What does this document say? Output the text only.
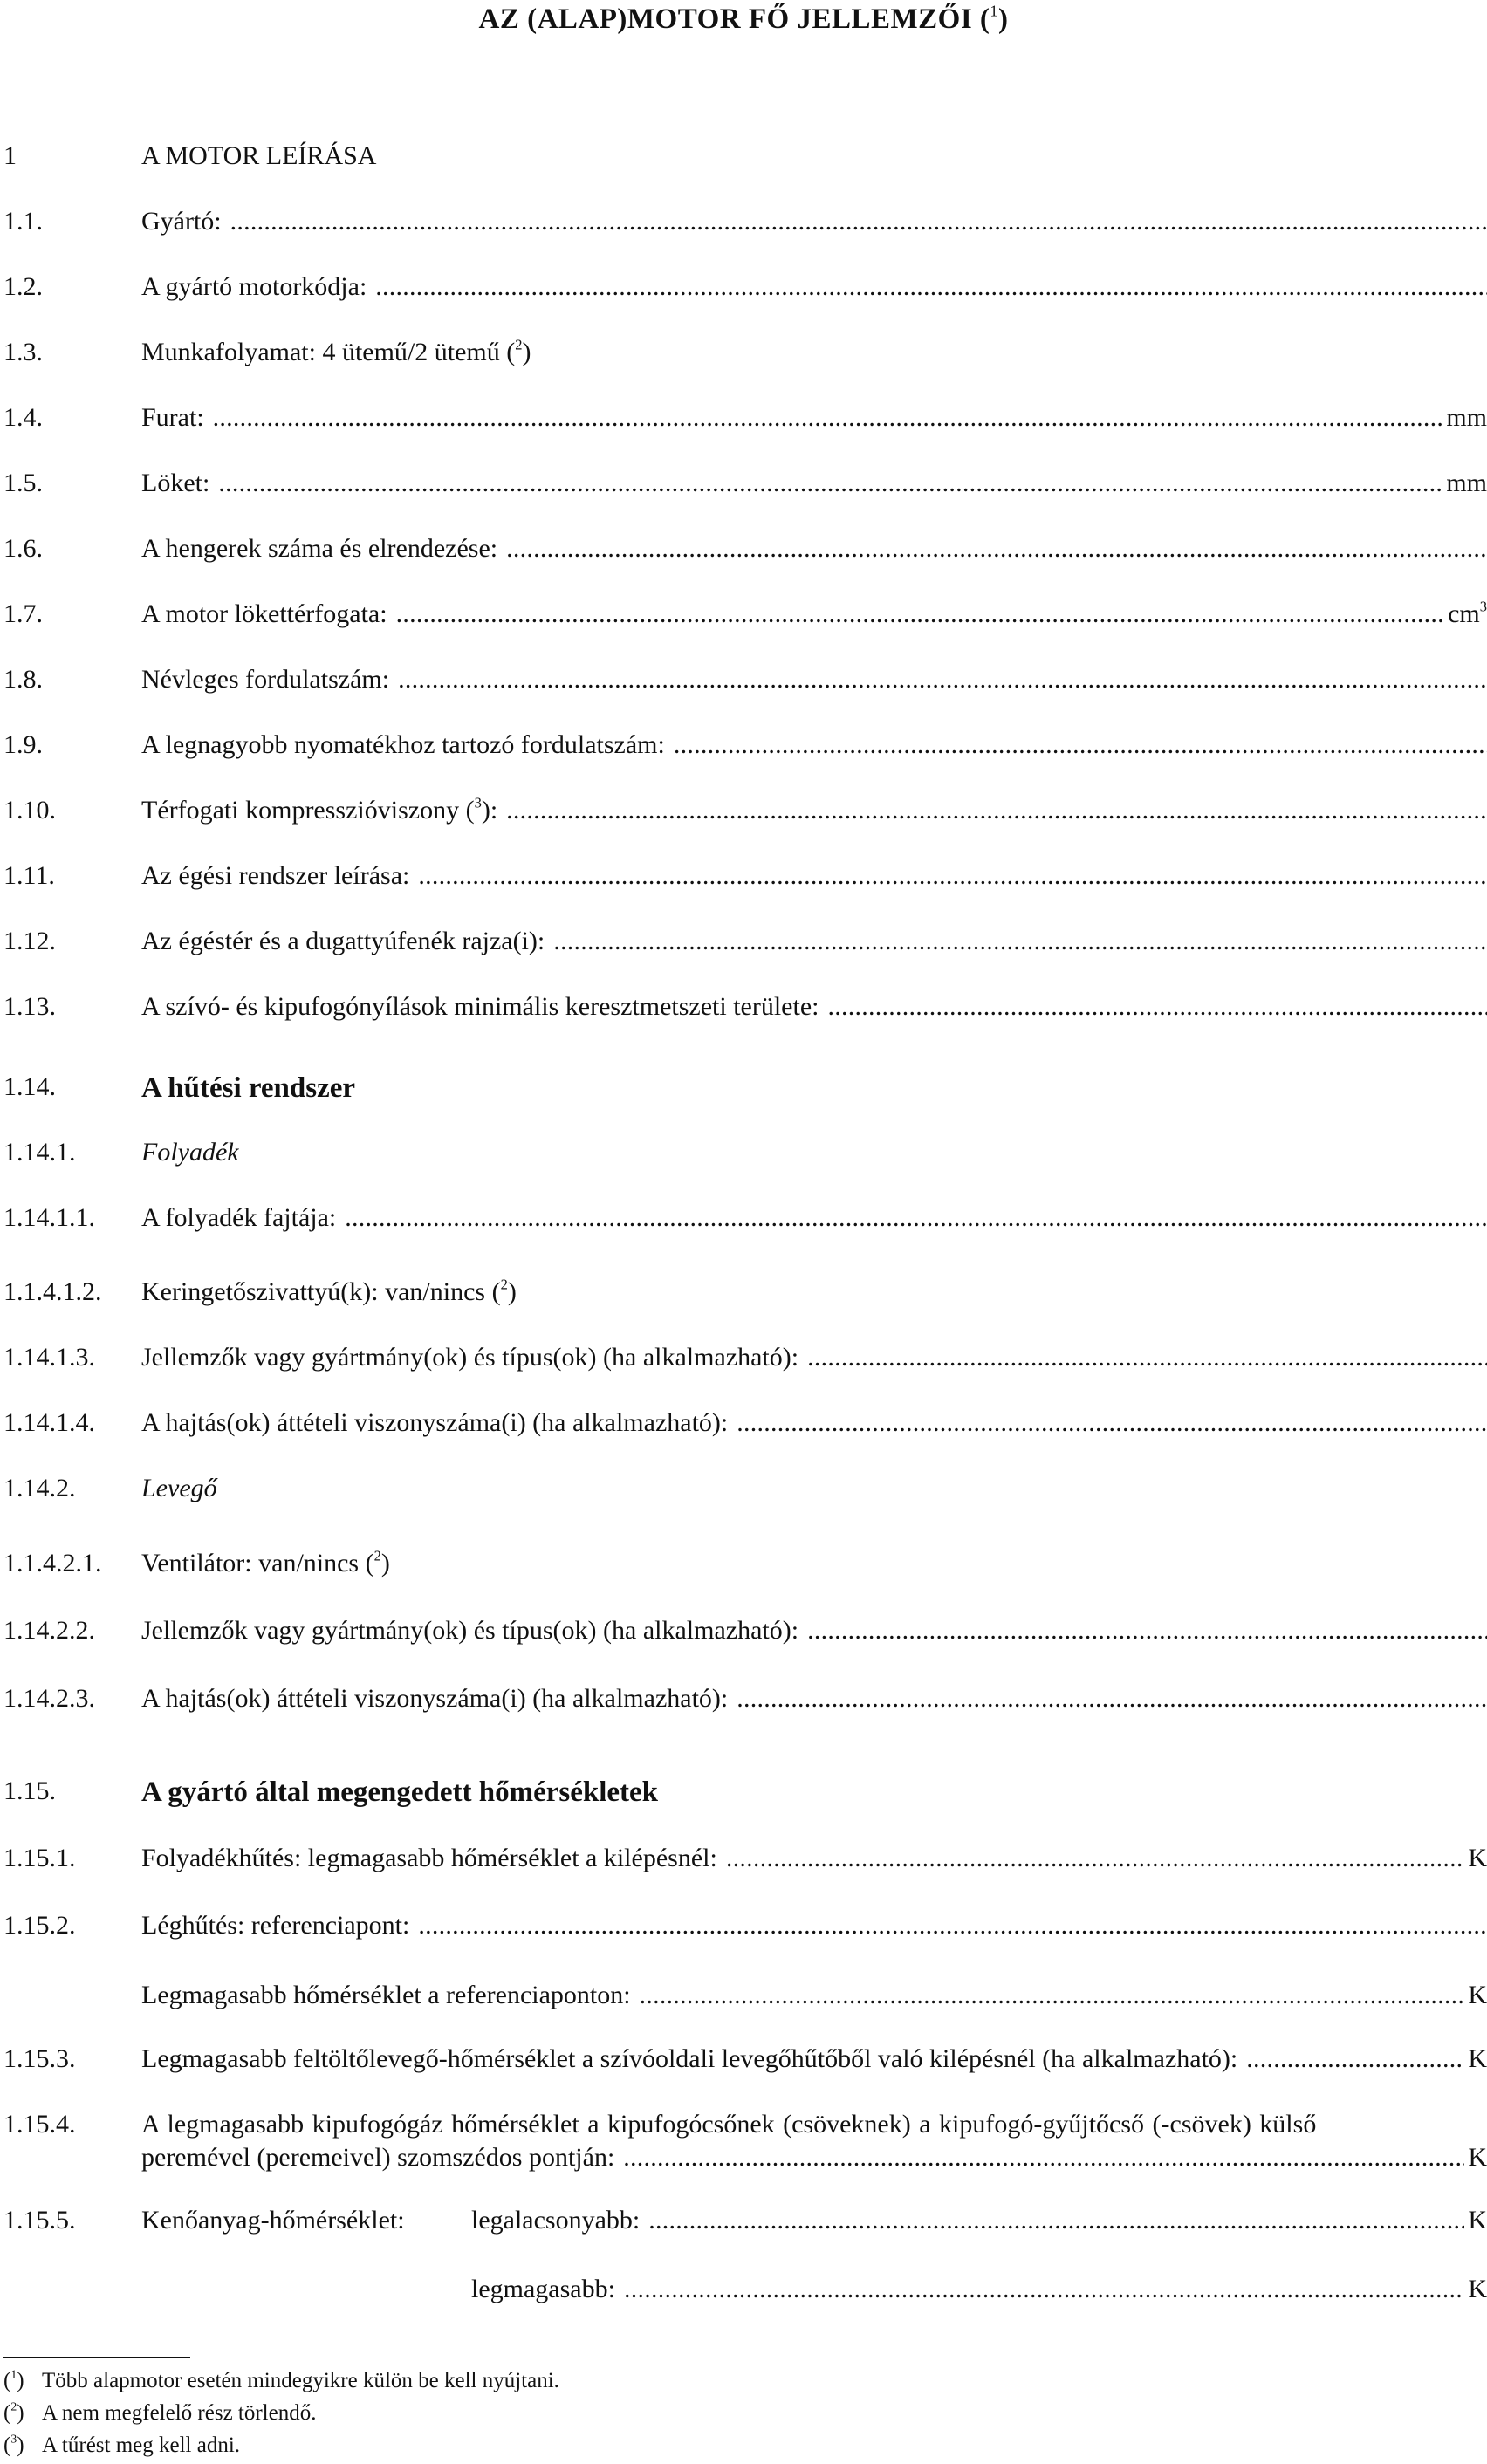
AZ (ALAP)MOTOR FŐ JELLEMZŐI ($^1$)
1	A MOTOR LEÍRÁSA
1.1.	Gyártó:
.....
1.2.	A gyártó motorkódja:
.....
1.3.	Munkafolyamat: 4 ütemű/2 ütemű ($^2$)
1.4.	Furat: .....	mm
1.5.	Löket: .....	mm
1.6.	A hengerek száma és elrendezése:
.....
1.7.	A motor lökettérfogata: .....	$cm^3$
1.8.	Névleges fordulatszám:
.....
1.9.	A legnagyobb nyomatékhoz tartozó fordulatszám:
.....
1.10.	Térfogati kompresszióviszony ($^3$):
.....
1.11.	Az égési rendszer leírása:
.....
1.12.	Az égéstér és a dugattyúfenék rajza(i):
.....
1.13.	A szívó- és kipufogónyílások minimális keresztmetszeti területe:
.....
1.14.	A hűtési rendszer
1.14.1.	Folyadék
1.14.1.1. A folyadék fajtája:
.....
1.1.4.1.2. Keringetőszivattyú(k): van/nincs ($^2$)
1.14.1.3. Jellemzők vagy gyártmány(ok) és típus(ok) (ha alkalmazható):
.....
1.14.1.4. A hajtás(ok) áttételi viszonyszáma(i) (ha alkalmazható):
.....
1.14.2.	Levegő
1.1.4.2.1. Ventilátor: van/nincs ($^2$)
1.14.2.2. Jellemzők vagy gyártmány(ok) és típus(ok) (ha alkalmazható):
.....
1.14.2.3. A hajtás(ok) áttételi viszonyszáma(i) (ha alkalmazható):
.....
1.15.	A gyártó által megengedett hőmérsékletek
1.15.1.	Folyadékhűtés: legmagasabb hőmérséklet a kilépésnél: .....	K
1.15.2.	Léghűtés: referenciapont:
.....
Legmagasabb hőmérséklet a referenciaponton: .....	K
1.15.3.	Legmagasabb feltöltőlevegő-hőmérséklet a szívóoldali levegőhűtőből való kilépésnél (ha alkalmazható): .....	K
1.15.4.	A legmagasabb kipufogógáz hőmérséklet a kipufogócsőnek (csöveknek) a kipufogó-gyűjtőcső (-csövek) külső
peremével (peremeivel) szomszédos pontján: .....	K
1.15.5.	Kenőanyag-hőmérséklet:	legalacsonyabb: .....	K
legmagasabb: .....	K
($^1$) Több alapmotor esetén mindegyikre külön be kell nyújtani.
($^2$) A nem megfelelő rész törlendő.
($^3$) A tűrést meg kell adni.
